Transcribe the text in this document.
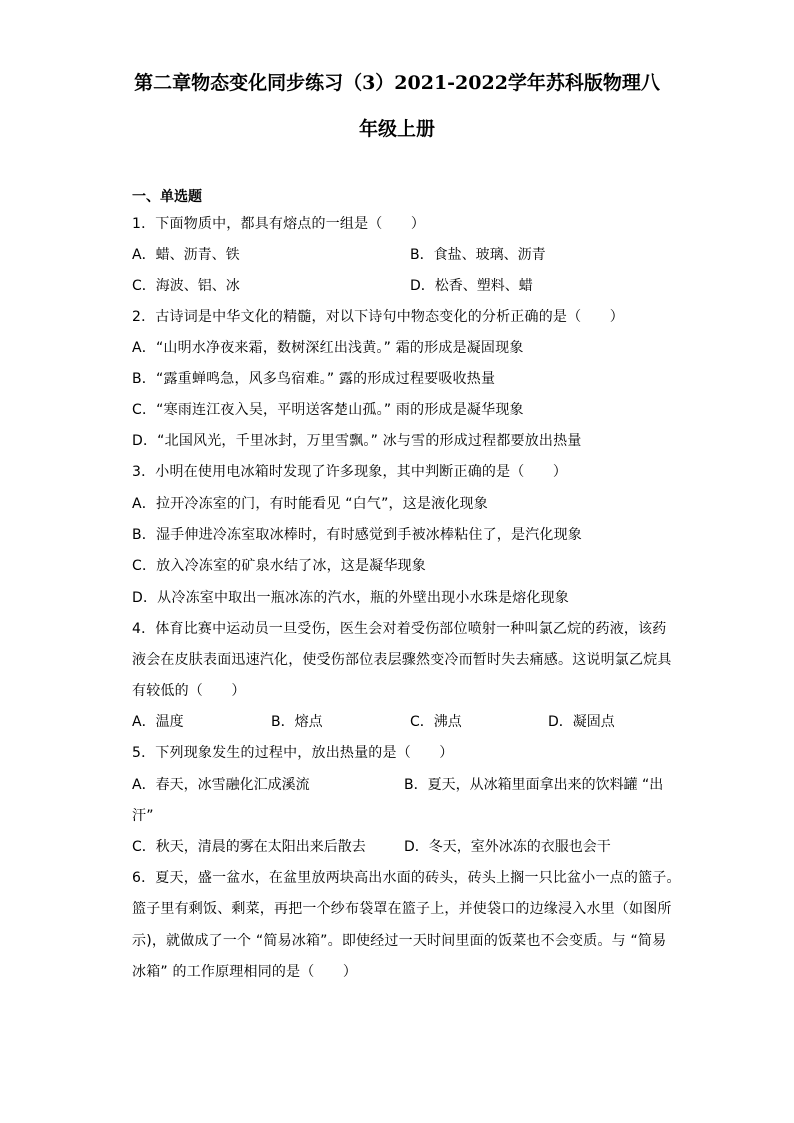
第二章物态变化同步练习（3）2021-2022学年苏科版物理八
年级上册
一、单选题
1．下面物质中，都具有熔点的一组是（　　）
A．蜡、沥青、铁	B．食盐、玻璃、沥青
C．海波、铝、冰	D．松香、塑料、蜡
2．古诗词是中华文化的精髓，对以下诗句中物态变化的分析正确的是（　　）
A．“山明水净夜来霜，数树深红出浅黄。” 霜的形成是凝固现象
B．“露重蝉鸣急，风多鸟宿难。” 露的形成过程要吸收热量
C．“寒雨连江夜入吴，平明送客楚山孤。” 雨的形成是凝华现象
D．“北国风光，千里冰封，万里雪飘。” 冰与雪的形成过程都要放出热量
3．小明在使用电冰箱时发现了许多现象，其中判断正确的是（　　）
A．拉开冷冻室的门，有时能看见 “白气”，这是液化现象
B．湿手伸进冷冻室取冰棒时，有时感觉到手被冰棒粘住了，是汽化现象
C．放入冷冻室的矿泉水结了冰，这是凝华现象
D．从冷冻室中取出一瓶冰冻的汽水，瓶的外壁出现小水珠是熔化现象
4．体育比赛中运动员一旦受伤，医生会对着受伤部位喷射一种叫氯乙烷的药液，该药
液会在皮肤表面迅速汽化，使受伤部位表层骤然变冷而暂时失去痛感。这说明氯乙烷具
有较低的（　　）
A．温度	B．熔点	C．沸点	D．凝固点
5．下列现象发生的过程中，放出热量的是（　　）
A．春天，冰雪融化汇成溪流	B．夏天，从冰箱里面拿出来的饮料罐 “出
汗”
C．秋天，清晨的雾在太阳出来后散去	D．冬天，室外冰冻的衣服也会干
6．夏天，盛一盆水，在盆里放两块高出水面的砖头，砖头上搁一只比盆小一点的篮子。
篮子里有剩饭、剩菜，再把一个纱布袋罩在篮子上，并使袋口的边缘浸入水里（如图所
示)，就做成了一个 “简易冰箱”。即使经过一天时间里面的饭菜也不会变质。与 “简易
冰箱” 的工作原理相同的是（　　）
